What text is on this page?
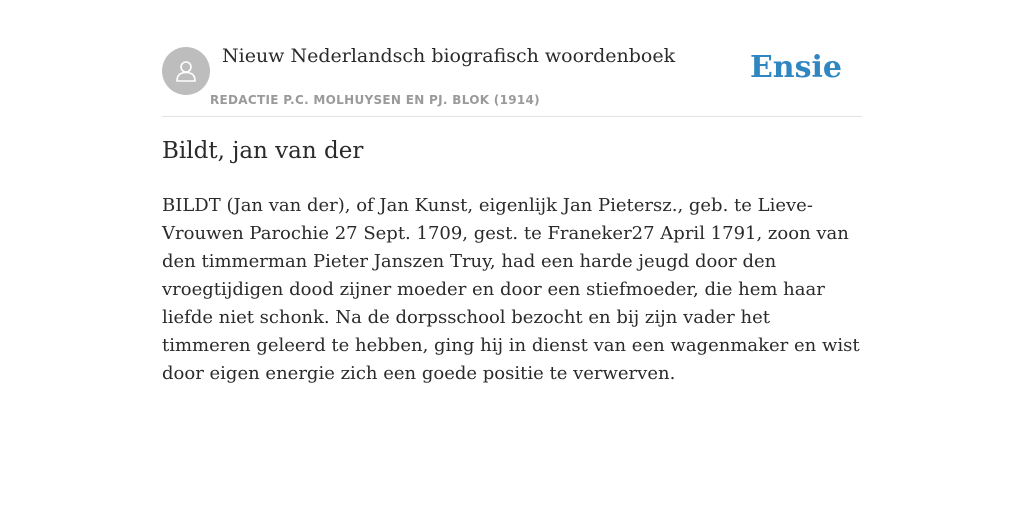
Nieuw Nederlandsch biografisch woordenboek
REDACTIE P.C. MOLHUYSEN EN PJ. BLOK (1914)
Ensie
Bildt, jan van der

BILDT (Jan van der), of Jan Kunst, eigenlijk Jan Pietersz., geb. te Lieve-Vrouwen Parochie 27 Sept. 1709, gest. te Franeker27 April 1791, zoon van den timmerman Pieter Janszen Truy, had een harde jeugd door den vroegtijdigen dood zijner moeder en door een stiefmoeder, die hem haar liefde niet schonk. Na de dorpsschool bezocht en bij zijn vader het timmeren geleerd te hebben, ging hij in dienst van een wagenmaker en wist door eigen energie zich een goede positie te verwerven.
